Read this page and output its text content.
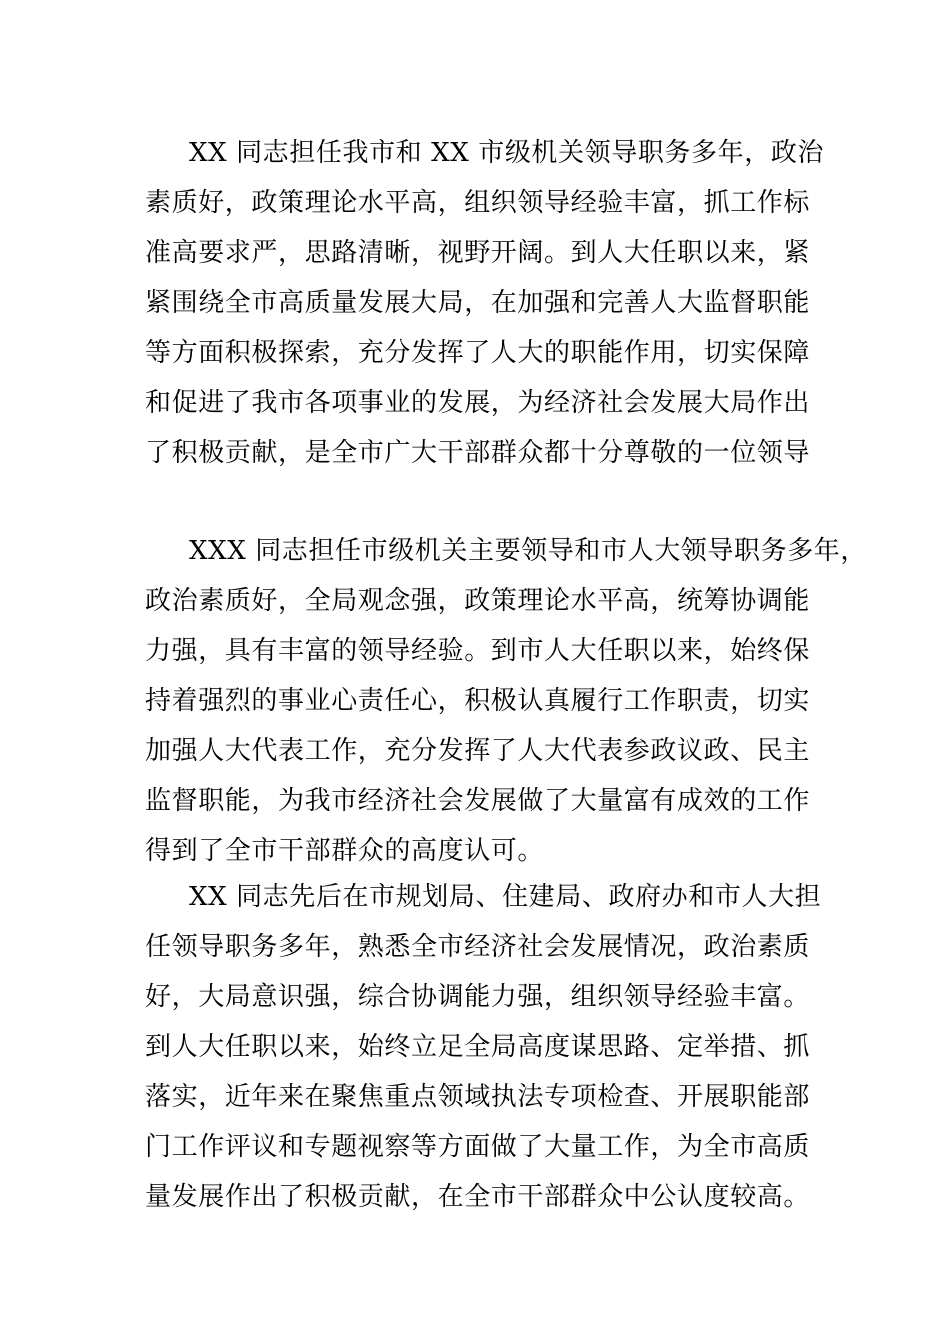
XX 同志担任我市和 XX 市级机关领导职务多年，政治
素质好，政策理论水平高，组织领导经验丰富，抓工作标
准高要求严，思路清晰，视野开阔。到人大任职以来，紧
紧围绕全市高质量发展大局，在加强和完善人大监督职能
等方面积极探索，充分发挥了人大的职能作用，切实保障
和促进了我市各项事业的发展，为经济社会发展大局作出
了积极贡献，是全市广大干部群众都十分尊敬的一位领导
XXX 同志担任市级机关主要领导和市人大领导职务多年，
政治素质好，全局观念强，政策理论水平高，统筹协调能
力强，具有丰富的领导经验。到市人大任职以来，始终保
持着强烈的事业心责任心，积极认真履行工作职责，切实
加强人大代表工作，充分发挥了人大代表参政议政、民主
监督职能，为我市经济社会发展做了大量富有成效的工作
得到了全市干部群众的高度认可。
XX 同志先后在市规划局、住建局、政府办和市人大担
任领导职务多年，熟悉全市经济社会发展情况，政治素质
好，大局意识强，综合协调能力强，组织领导经验丰富。
到人大任职以来，始终立足全局高度谋思路、定举措、抓
落实，近年来在聚焦重点领域执法专项检查、开展职能部
门工作评议和专题视察等方面做了大量工作，为全市高质
量发展作出了积极贡献，在全市干部群众中公认度较高。
